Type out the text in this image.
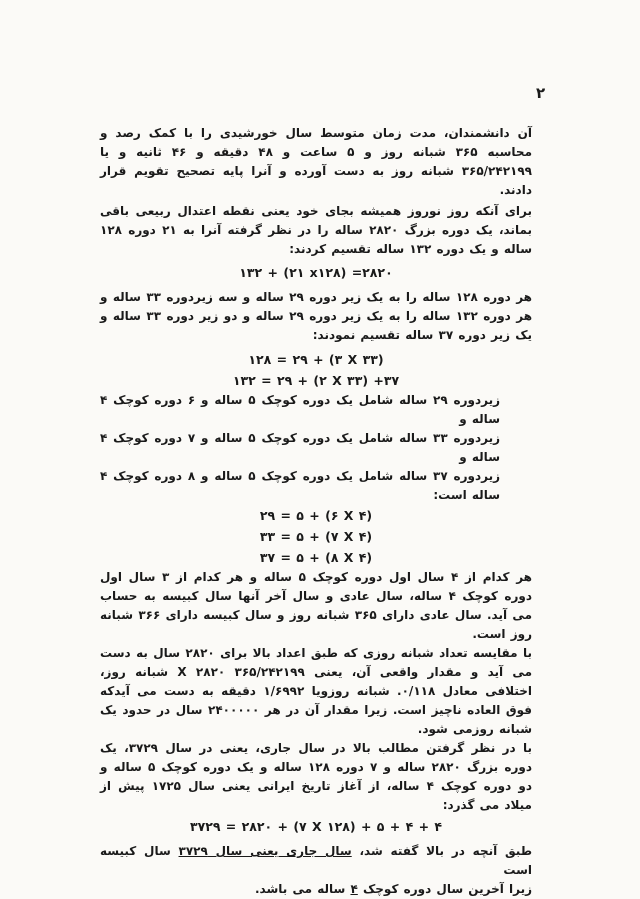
۲

آن دانشمندان، مدت زمان متوسط سال خورشیدی را با کمک رصد و محاسبه ۳۶۵ شبانه روز و ۵ ساعت و ۴۸ دقیقه و ۴۶ ثانیه و یا ۳۶۵/۲۴۲۱۹۹ شبانه روز به دست آورده و آنرا پایه تصحیح تقویم قرار دادند.

برای آنکه روز نوروز همیشه بجای خود یعنی نقطه اعتدال ربیعی باقی بماند، یک دوره بزرگ ۲۸۲۰ ساله را در نظر گرفته آنرا به ۲۱ دوره ۱۲۸ ساله و یک دوره ۱۳۲ ساله تقسیم کردند:

۱۳۲ + (۲۱ x۱۲۸) =۲۸۲۰

هر دوره ۱۲۸ ساله را به یک زیر دوره ۲۹ ساله و سه زیردوره ۳۳ ساله و هر دوره ۱۳۲ ساله را به یک زیر دوره ۲۹ ساله و دو زیر دوره ۳۳ ساله و یک زیر دوره ۳۷ ساله تقسیم نمودند:

۱۲۸ = ۲۹ + (۳ X ۳۳)

۱۳۲ = ۲۹ + (۲ X ۳۳) +۳۷

زیردوره ۲۹ ساله شامل یک دوره کوچک ۵ ساله و ۶ دوره کوچک ۴ ساله و

زیردوره ۳۳ ساله شامل یک دوره کوچک ۵ ساله و ۷ دوره کوچک ۴ ساله و

زیردوره ۳۷ ساله شامل یک دوره کوچک ۵ ساله و ۸ دوره کوچک ۴ ساله است:

۲۹ = ۵ + (۶ X ۴)

۳۳ = ۵ + (۷ X ۴)

۳۷ = ۵ + (۸ X ۴)

هر کدام از ۴ سال اول دوره کوچک ۵ ساله و هر کدام از ۳ سال اول دوره کوچک ۴ ساله، سال عادی و سال آخر آنها سال کبیسه به حساب می آید. سال عادی دارای ۳۶۵ شبانه روز و سال کبیسه دارای ۳۶۶ شبانه روز است.

با مقایسه تعداد شبانه روزی که طبق اعداد بالا برای ۲۸۲۰ سال به دست می آید و مقدار واقعی آن، یعنی ۳۶۵/۲۴۲۱۹۹ X ۲۸۲۰ شبانه روز، اختلافی معادل ۰/۱۱۸. شبانه روزویا ۱/۶۹۹۲ دقیقه به دست می آیدکه فوق العاده ناچیز است. زیرا مقدار آن در هر ۲۴۰۰۰۰۰ سال در حدود یک شبانه روزمی شود.

با در نظر گرفتن مطالب بالا در سال جاری، یعنی در سال ۳۷۲۹، یک دوره بزرگ ۲۸۲۰ ساله و ۷ دوره ۱۲۸ ساله و یک دوره کوچک ۵ ساله و دو دوره کوچک ۴ ساله، از آغاز تاریخ ایرانی یعنی سال ۱۷۲۵ پیش از میلاد می گذرد:

۳۷۲۹ = ۲۸۲۰ + (۷ X ۱۲۸) + ۵ + ۴ + ۴

طبق آنچه در بالا گفته شد، سال جاری یعنی سال ۳۷۲۹ سال کبیسه است

زیرا آخرین سال دوره کوچک ۴ ساله می باشد.
